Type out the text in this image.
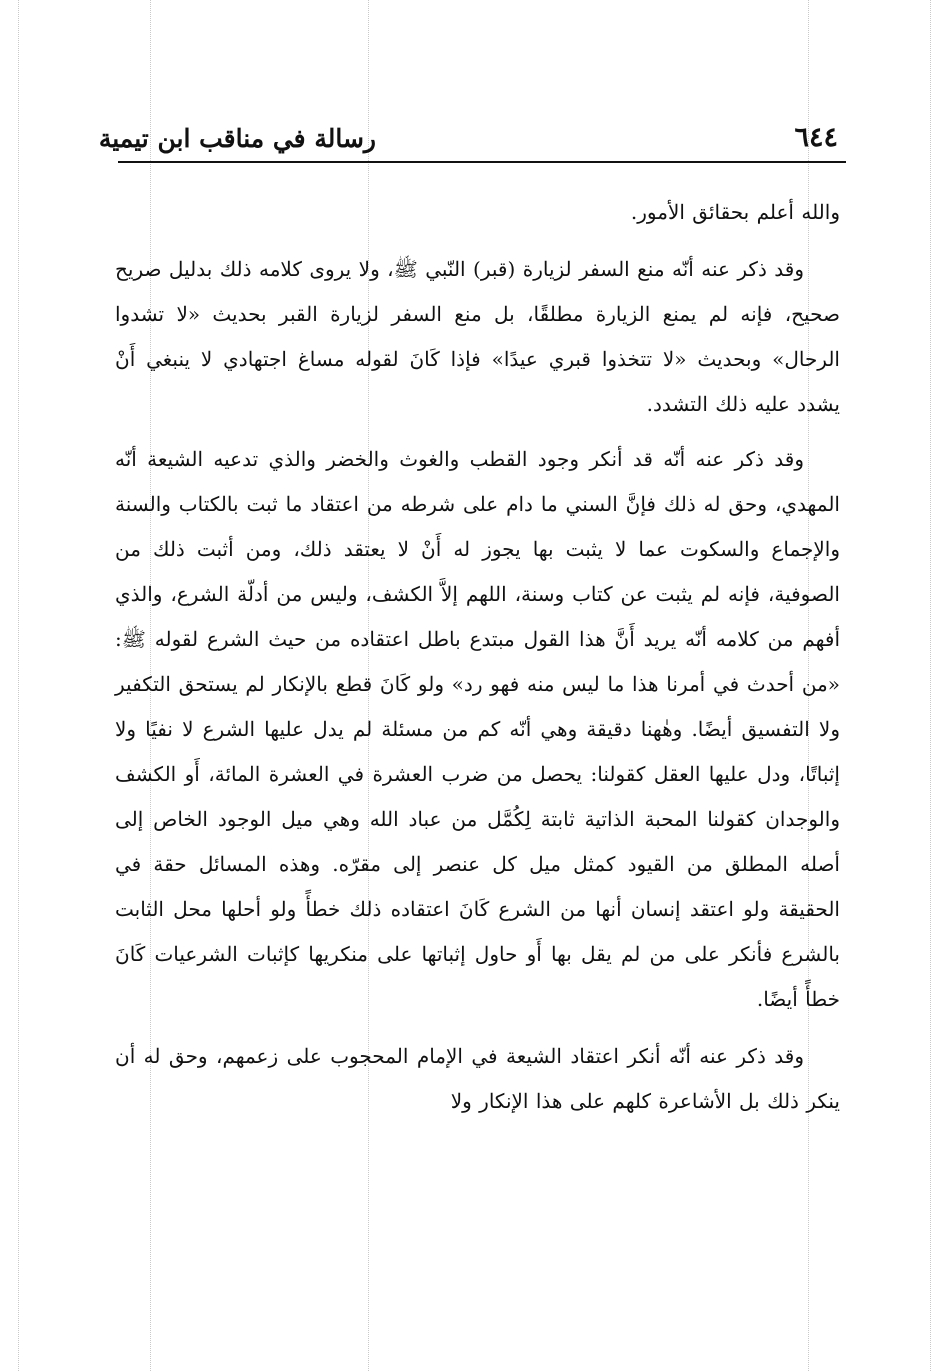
٦٤٤
رسالة في مناقب ابن تيمية

والله أعلم بحقائق الأمور.

وقد ذكر عنه أنّه منع السفر لزيارة (قبر) النّبي ﷺ، ولا يروى كلامه ذلك بدليل صريح صحيح، فإنه لم يمنع الزيارة مطلقًا، بل منع السفر لزيارة القبر بحديث «لا تشدوا الرحال» وبحديث «لا تتخذوا قبري عيدًا» فإذا كَانَ لقوله مساغ اجتهادي لا ينبغي أَنْ يشدد عليه ذلك التشدد.

وقد ذكر عنه أنّه قد أنكر وجود القطب والغوث والخضر والذي تدعيه الشيعة أنّه المهدي، وحق له ذلك فإنَّ السني ما دام على شرطه من اعتقاد ما ثبت بالكتاب والسنة والإجماع والسكوت عما لا يثبت بها يجوز له أَنْ لا يعتقد ذلك، ومن أثبت ذلك من الصوفية، فإنه لم يثبت عن كتاب وسنة، اللهم إلاَّ الكشف، وليس من أدلّة الشرع، والذي أفهم من كلامه أنّه يريد أَنَّ هذا القول مبتدع باطل اعتقاده من حيث الشرع لقوله ﷺ: «من أحدث في أمرنا هذا ما ليس منه فهو رد» ولو كَانَ قطع بالإنكار لم يستحق التكفير ولا التفسيق أيضًا. وهٰهنا دقيقة وهي أنّه كم من مسئلة لم يدل عليها الشرع لا نفيًا ولا إثباتًا، ودل عليها العقل كقولنا: يحصل من ضرب العشرة في العشرة المائة، أَو الكشف والوجدان كقولنا المحبة الذاتية ثابتة لِكُمَّل من عباد الله وهي ميل الوجود الخاص إلى أصله المطلق من القيود كمثل ميل كل عنصر إلى مقرّه. وهذه المسائل حقة في الحقيقة ولو اعتقد إنسان أنها من الشرع كَانَ اعتقاده ذلك خطأً ولو أحلها محل الثابت بالشرع فأنكر على من لم يقل بها أَو حاول إثباتها على منكريها كإثبات الشرعيات كَانَ خطأً أيضًا.

وقد ذكر عنه أنّه أنكر اعتقاد الشيعة في الإمام المحجوب على زعمهم، وحق له أن ينكر ذلك بل الأشاعرة كلهم على هذا الإنكار ولا
